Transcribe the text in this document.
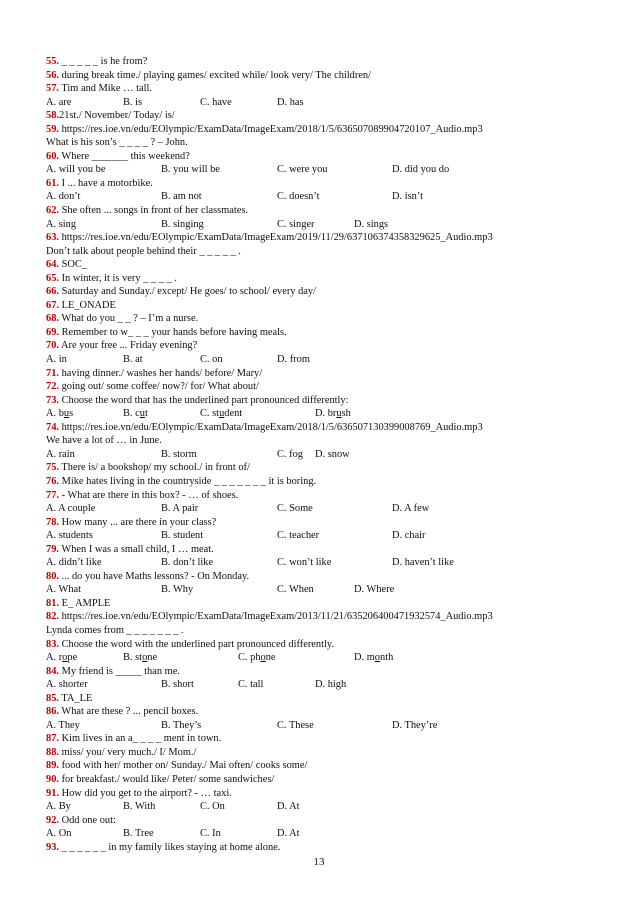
55. _ _ _ _ _ is he from?
56. during break time./ playing games/ excited while/ look very/ The children/
57. Tim and Mike … tall.
A. are	B. is	C. have	D. has
58.21st./ November/ Today/ is/
59. https://res.ioe.vn/edu/EOlympic/ExamData/ImageExam/2018/1/5/636507089904720107_Audio.mp3
What is his son’s _ _ _ _ ? – John.
60. Where _______ this weekend?
A. will you be	B. you will be	C. were you	D. did you do
61. I ... have a motorbike.
A. don’t	B. am not	C. doesn’t	D. isn’t
62. She often ... songs in front of her classmates.
A. sing	B. singing	C. singer	D. sings
63. https://res.ioe.vn/edu/EOlympic/ExamData/ImageExam/2019/11/29/637106374358329625_Audio.mp3
Don’t talk about people behind their _ _ _ _ _ .
64. SOC_
65. In winter, it is very _ _ _ _ .
66. Saturday and Sunday./ except/ He goes/ to school/ every day/
67. LE_ONADE
68. What do you _ _ ? – I’m a nurse.
69. Remember to w_ _ _ your hands before having meals.
70. Are your free ... Friday evening?
A. in	B. at	C. on	D. from
71. having dinner./ washes her hands/ before/ Mary/
72. going out/ some coffee/ now?/ for/ What about/
73. Choose the word that has the underlined part pronounced differently:
A. bus	B. cut	C. student	D. brush
74. https://res.ioe.vn/edu/EOlympic/ExamData/ImageExam/2018/1/5/636507130399008769_Audio.mp3
We have a lot of … in June.
A. rain	B. storm	C. fog D. snow
75. There is/ a bookshop/ my school./ in front of/
76. Mike hates living in the countryside _ _ _ _ _ _ _ it is boring.
77. - What are there in this box? - … of shoes.
A. A couple	B. A pair	C. Some	D. A few
78. How many ... are there in your class?
A. students	B. student	C. teacher	D. chair
79. When I was a small child, I … meat.
A. didn’t like	B. don’t like	C. won’t like	D. haven’t like
80. ... do you have Maths lessons? - On Monday.
A. What	B. Why	C. When	D. Where
81. E_ AMPLE
82. https://res.ioe.vn/edu/EOlympic/ExamData/ImageExam/2013/11/21/635206400471932574_Audio.mp3
Lynda comes from _ _ _ _ _ _ _ .
83. Choose the word with the underlined part pronounced differently.
A. rope	B. stone	C. phone	D. month
84. My friend is _____ than me.
A. shorter	B. short	C. tall	D. high
85. TA_LE
86. What are these ? ... pencil boxes.
A. They	B. They’s	C. These	D. They’re
87. Kim lives in an a_ _ _ _ ment in town.
88. miss/ you/ very much./ I/ Mom./
89. food with her/ mother on/ Sunday./ Mai often/ cooks some/
90. for breakfast./ would like/ Peter/ some sandwiches/
91. How did you get to the airport? - … taxi.
A. By	B. With	C. On	D. At
92. Odd one out:
A. On	B. Tree	C. In	D. At
93. _ _ _ _ _ _ in my family likes staying at home alone.
13
